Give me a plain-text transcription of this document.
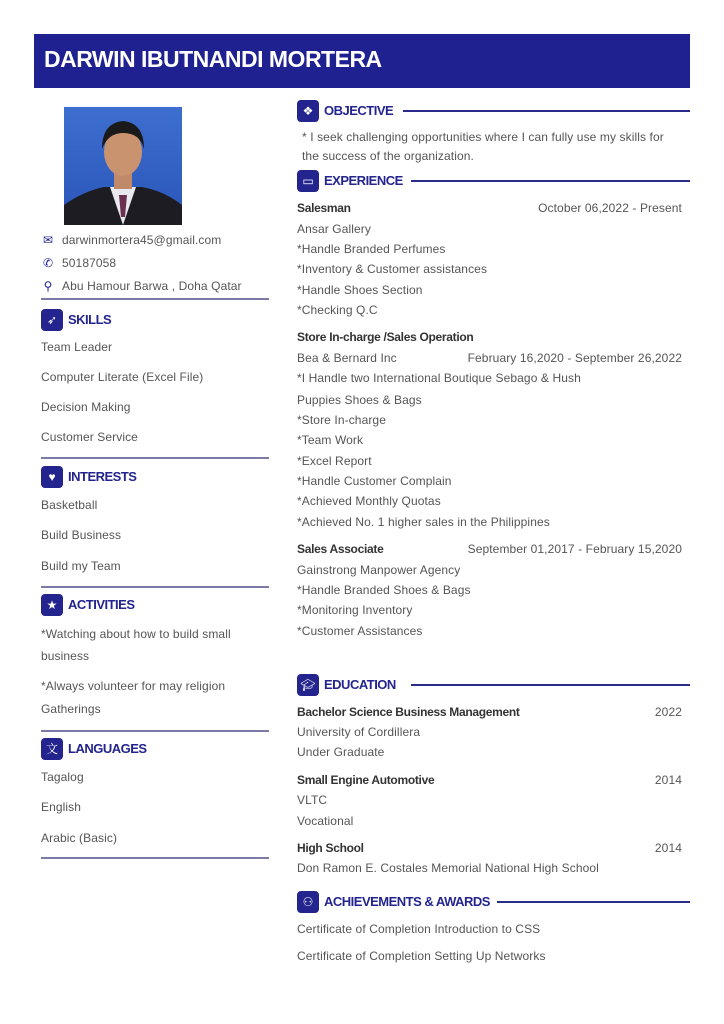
DARWIN IBUTNANDI MORTERA
✉ darwinmortera45@gmail.com
✆ 50187058
⚲ Abu Hamour Barwa , Doha Qatar
➶ SKILLS
Team Leader
Computer Literate (Excel File)
Decision Making
Customer Service
♥ INTERESTS
Basketball
Build Business
Build my Team
★ ACTIVITIES
*Watching about how to build small
business
*Always volunteer for may religion
Gatherings
文 LANGUAGES
Tagalog
English
Arabic (Basic)
❖ OBJECTIVE
* I seek challenging opportunities where I can fully use my skills for
the success of the organization.
▭ EXPERIENCE
Salesman	October 06,2022 - Present
Ansar Gallery
*Handle Branded Perfumes
*Inventory & Customer assistances
*Handle Shoes Section
*Checking Q.C
Store In-charge /Sales Operation
Bea & Bernard Inc	February 16,2020 - September 26,2022
*I Handle two International Boutique Sebago & Hush
Puppies Shoes & Bags
*Store In-charge
*Team Work
*Excel Report
*Handle Customer Complain
*Achieved Monthly Quotas
*Achieved No. 1 higher sales in the Philippines
Sales Associate	September 01,2017 - February 15,2020
Gainstrong Manpower Agency
*Handle Branded Shoes & Bags
*Monitoring Inventory
*Customer Assistances
🎓︎ EDUCATION
Bachelor Science Business Management	2022
University of Cordillera
Under Graduate
Small Engine Automotive	2014
VLTC
Vocational
High School	2014
Don Ramon E. Costales Memorial National High School
⚇ ACHIEVEMENTS & AWARDS
Certificate of Completion Introduction to CSS
Certificate of Completion Setting Up Networks
